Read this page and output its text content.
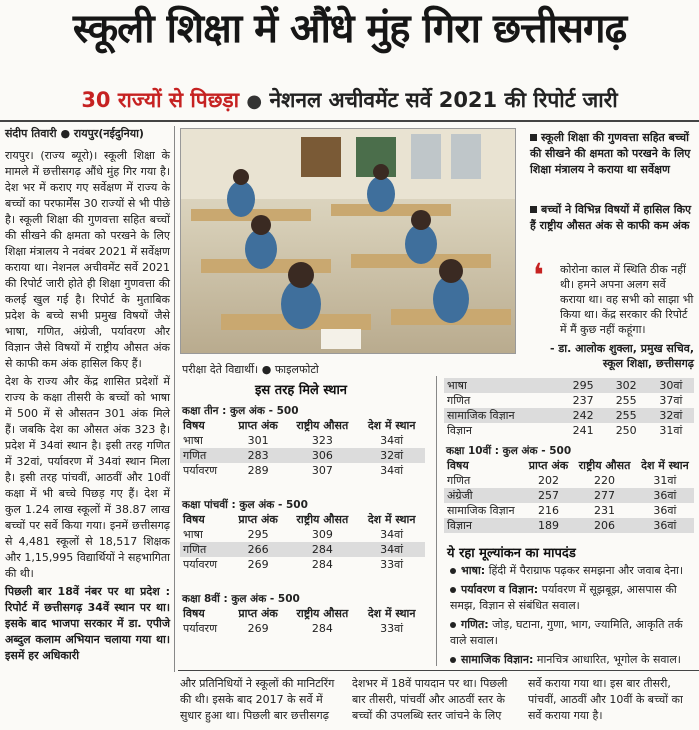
स्कूली शिक्षा में औंधे मुंह गिरा छत्तीसगढ़
30 राज्यों से पिछड़ा ● नेशनल अचीवमेंट सर्वे 2021 की रिपोर्ट जारी
संदीप तिवारी ● रायपुर(नईदुनिया)

रायपुर। (राज्य ब्यूरो)। स्कूली शिक्षा के मामले में छत्तीसगढ़ औंधे मुंह गिर गया है। देश भर में कराए गए सर्वेक्षण में राज्य के बच्चों का परफार्मेंस 30 राज्यों से भी पीछे है। स्कूली शिक्षा की गुणवत्ता सहित बच्चों की सीखने की क्षमता को परखने के लिए शिक्षा मंत्रालय ने नवंबर 2021 में सर्वेक्षण कराया था। नेशनल अचीवमेंट सर्वे 2021 की रिपोर्ट जारी होते ही शिक्षा गुणवत्ता की कलई खुल गई है। रिपोर्ट के मुताबिक प्रदेश के बच्चे सभी प्रमुख विषयों जैसे भाषा, गणित, अंग्रेजी, पर्यावरण और विज्ञान जैसे विषयों में राष्ट्रीय औसत अंक से काफी कम अंक हासिल किए हैं।

देश के राज्य और केंद्र शासित प्रदेशों में राज्य के कक्षा तीसरी के बच्चों को भाषा में 500 में से औसतन 301 अंक मिले हैं। जबकि देश का औसत अंक 323 है। प्रदेश में 34वां स्थान है। इसी तरह गणित में 32वां, पर्यावरण में 34वां स्थान मिला है। इसी तरह पांचवीं, आठवीं और 10वीं कक्षा में भी बच्चे पिछड़ गए हैं। देश में कुल 1.24 लाख स्कूलों में 38.87 लाख बच्चों पर सर्वे किया गया। इनमें छत्तीसगढ़ से 4,481 स्कूलों से 18,517 शिक्षक और 1,15,995 विद्यार्थियों ने सहभागिता की थी।

पिछली बार 18वें नंबर पर था प्रदेश : रिपोर्ट में छत्तीसगढ़ 34वें स्थान पर था। इसके बाद भाजपा सरकार में डा. एपीजे अब्दुल कलाम अभियान चलाया गया था। इसमें हर अधिकारी

परीक्षा देते विद्यार्थी। ● फाइलफोटो
स्कूली शिक्षा की गुणवत्ता सहित बच्चों की सीखने की क्षमता को परखने के लिए शिक्षा मंत्रालय ने कराया था सर्वेक्षण
बच्चों ने विभिन्न विषयों में हासिल किए हैं राष्ट्रीय औसत अंक से काफी कम अंक
❛	कोरोना काल में स्थिति ठीक नहीं थी। हमने अपना अलग सर्वे कराया था। वह सभी को साझा भी किया था। केंद्र सरकार की रिपोर्ट में मैं कुछ नहीं कहूंगा।
- डा. आलोक शुक्ला, प्रमुख सचिव, स्कूल शिक्षा, छत्तीसगढ़
इस तरह मिले स्थान
कक्षा तीन : कुल अंक - 500
विषय	प्राप्त अंक	राष्ट्रीय औसत	देश में स्थान
भाषा	301	323	34वां
गणित	283	306	32वां
पर्यावरण	289	307	34वां
कक्षा पांचवीं : कुल अंक - 500
विषय	प्राप्त अंक	राष्ट्रीय औसत	देश में स्थान
भाषा	295	309	34वां
गणित	266	284	34वां
पर्यावरण	269	284	33वां
कक्षा 8वीं : कुल अंक - 500
विषय	प्राप्त अंक	राष्ट्रीय औसत	देश में स्थान
पर्यावरण	269	284	33वां
भाषा	295	302	30वां
गणित	237	255	37वां
सामाजिक विज्ञान	242	255	32वां
विज्ञान	241	250	31वां
कक्षा 10वीं : कुल अंक - 500
विषय	प्राप्त अंक	राष्ट्रीय औसत	देश में स्थान
गणित	202	220	31वां
अंग्रेजी	257	277	36वां
सामाजिक विज्ञान	216	231	36वां
विज्ञान	189	206	36वां
ये रहा मूल्यांकन का मापदंड
भाषा: हिंदी में पैराग्राफ पढ़कर समझना और जवाब देना।
पर्यावरण व विज्ञान: पर्यावरण में सूझबूझ, आसपास की समझ, विज्ञान से संबंधित सवाल।
गणित: जोड़, घटाना, गुणा, भाग, ज्यामिति, आकृति तर्क वाले सवाल।
सामाजिक विज्ञान: मानचित्र आधारित, भूगोल के सवाल।
और प्रतिनिधियों ने स्कूलों की मानिटरिंग की थी। इसके बाद 2017 के सर्वे में सुधार हुआ था। पिछली बार छत्तीसगढ़
देशभर में 18वें पायदान पर था। पिछली बार तीसरी, पांचवीं और आठवीं स्तर के बच्चों की उपलब्धि स्तर जांचने के लिए
सर्वे कराया गया था। इस बार तीसरी, पांचवीं, आठवीं और 10वीं के बच्चों का सर्वे कराया गया है।
